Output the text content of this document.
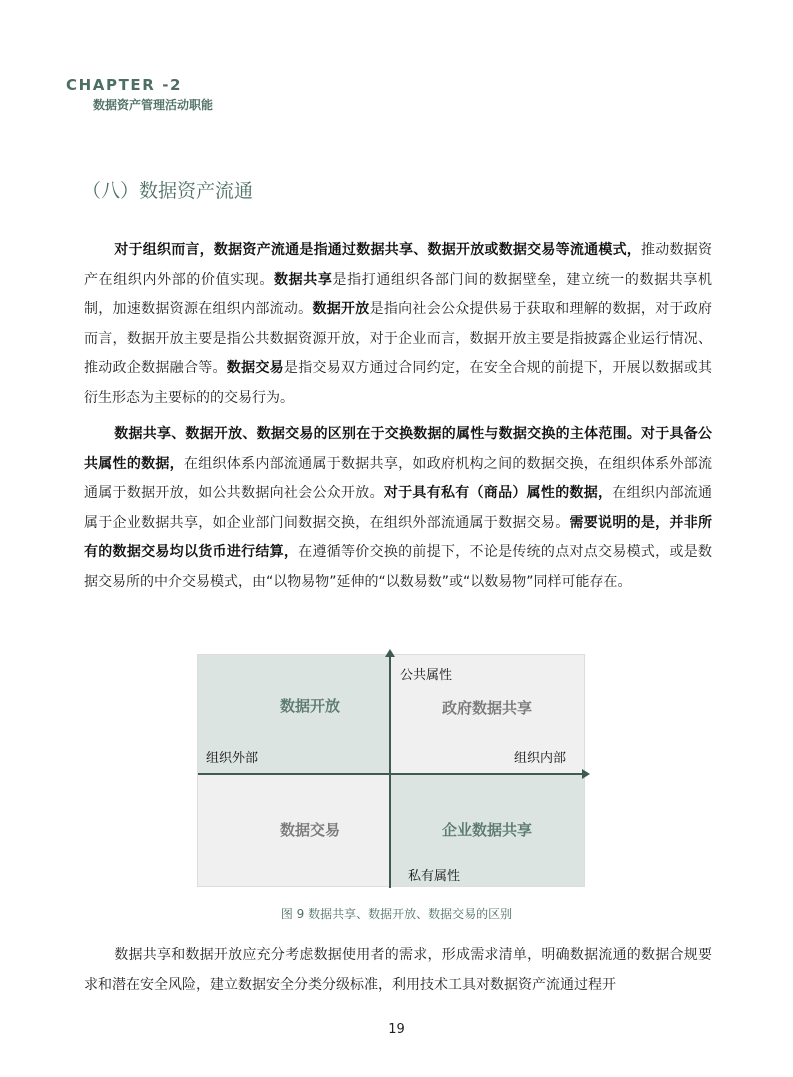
CHAPTER -2
数据资产管理活动职能
（八）数据资产流通

对于组织而言，数据资产流通是指通过数据共享、数据开放或数据交易等流通模式，推动数据资产在组织内外部的价值实现。数据共享是指打通组织各部门间的数据壁垒，建立统一的数据共享机制，加速数据资源在组织内部流动。数据开放是指向社会公众提供易于获取和理解的数据，对于政府而言，数据开放主要是指公共数据资源开放，对于企业而言，数据开放主要是指披露企业运行情况、推动政企数据融合等。数据交易是指交易双方通过合同约定，在安全合规的前提下，开展以数据或其衍生形态为主要标的的交易行为。

数据共享、数据开放、数据交易的区别在于交换数据的属性与数据交换的主体范围。对于具备公共属性的数据，在组织体系内部流通属于数据共享，如政府机构之间的数据交换，在组织体系外部流通属于数据开放，如公共数据向社会公众开放。对于具有私有（商品）属性的数据，在组织内部流通属于企业数据共享，如企业部门间数据交换，在组织外部流通属于数据交易。需要说明的是，并非所有的数据交易均以货币进行结算，在遵循等价交换的前提下，不论是传统的点对点交易模式，或是数据交易所的中介交易模式，由“以物易物”延伸的“以数易数”或“以数易物”同样可能存在。

公共属性
私有属性
组织外部	组织内部
数据开放	政府数据共享
数据交易	企业数据共享
图 9 数据共享、数据开放、数据交易的区别

数据共享和数据开放应充分考虑数据使用者的需求，形成需求清单，明确数据流通的数据合规要求和潜在安全风险，建立数据安全分类分级标准，利用技术工具对数据资产流通过程开

19
